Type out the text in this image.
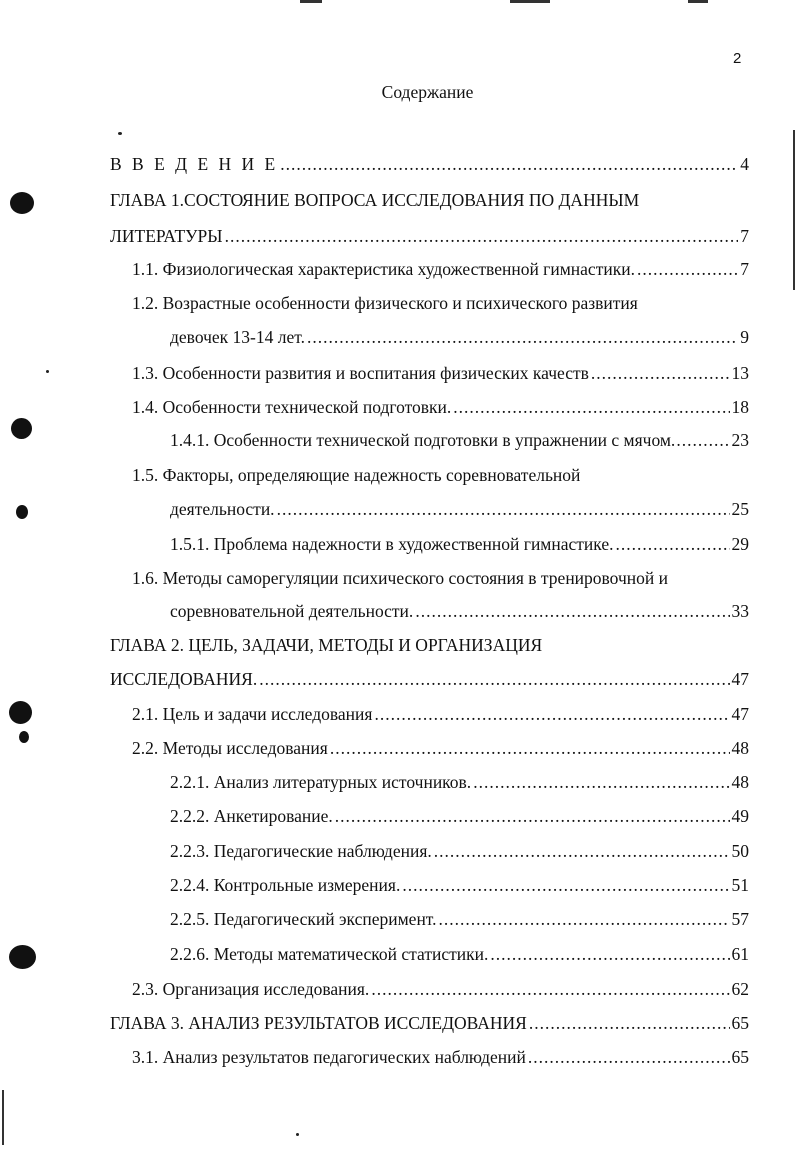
2
Содержание
В В Е Д Е Н И Е .....	4
ГЛАВА 1.СОСТОЯНИЕ ВОПРОСА ИССЛЕДОВАНИЯ ПО ДАННЫМ
ЛИТЕРАТУРЫ .....	7
1.1. Физиологическая характеристика художественной гимнастики. .....	7
1.2. Возрастные особенности физического и психического развития
девочек 13-14 лет. .....	9
1.3. Особенности развития и воспитания физических качеств .....	13
1.4. Особенности технической подготовки. .....	18
1.4.1. Особенности технической подготовки в упражнении с мячом. .....	23
1.5. Факторы, определяющие надежность соревновательной
деятельности. .....	25
1.5.1. Проблема надежности в художественной гимнастике. .....	29
1.6. Методы саморегуляции психического состояния в тренировочной и
соревновательной деятельности. .....	33
ГЛАВА 2. ЦЕЛЬ, ЗАДАЧИ, МЕТОДЫ И ОРГАНИЗАЦИЯ
ИССЛЕДОВАНИЯ. .....	47
2.1. Цель и задачи исследования .....	47
2.2. Методы исследования .....	48
2.2.1. Анализ литературных источников. .....	48
2.2.2. Анкетирование. .....	49
2.2.3. Педагогические наблюдения. .....	50
2.2.4. Контрольные измерения. .....	51
2.2.5. Педагогический эксперимент. .....	57
2.2.6. Методы математической статистики. .....	61
2.3. Организация исследования. .....	62
ГЛАВА 3. АНАЛИЗ РЕЗУЛЬТАТОВ ИССЛЕДОВАНИЯ .....	65
3.1. Анализ результатов педагогических наблюдений .....	65
